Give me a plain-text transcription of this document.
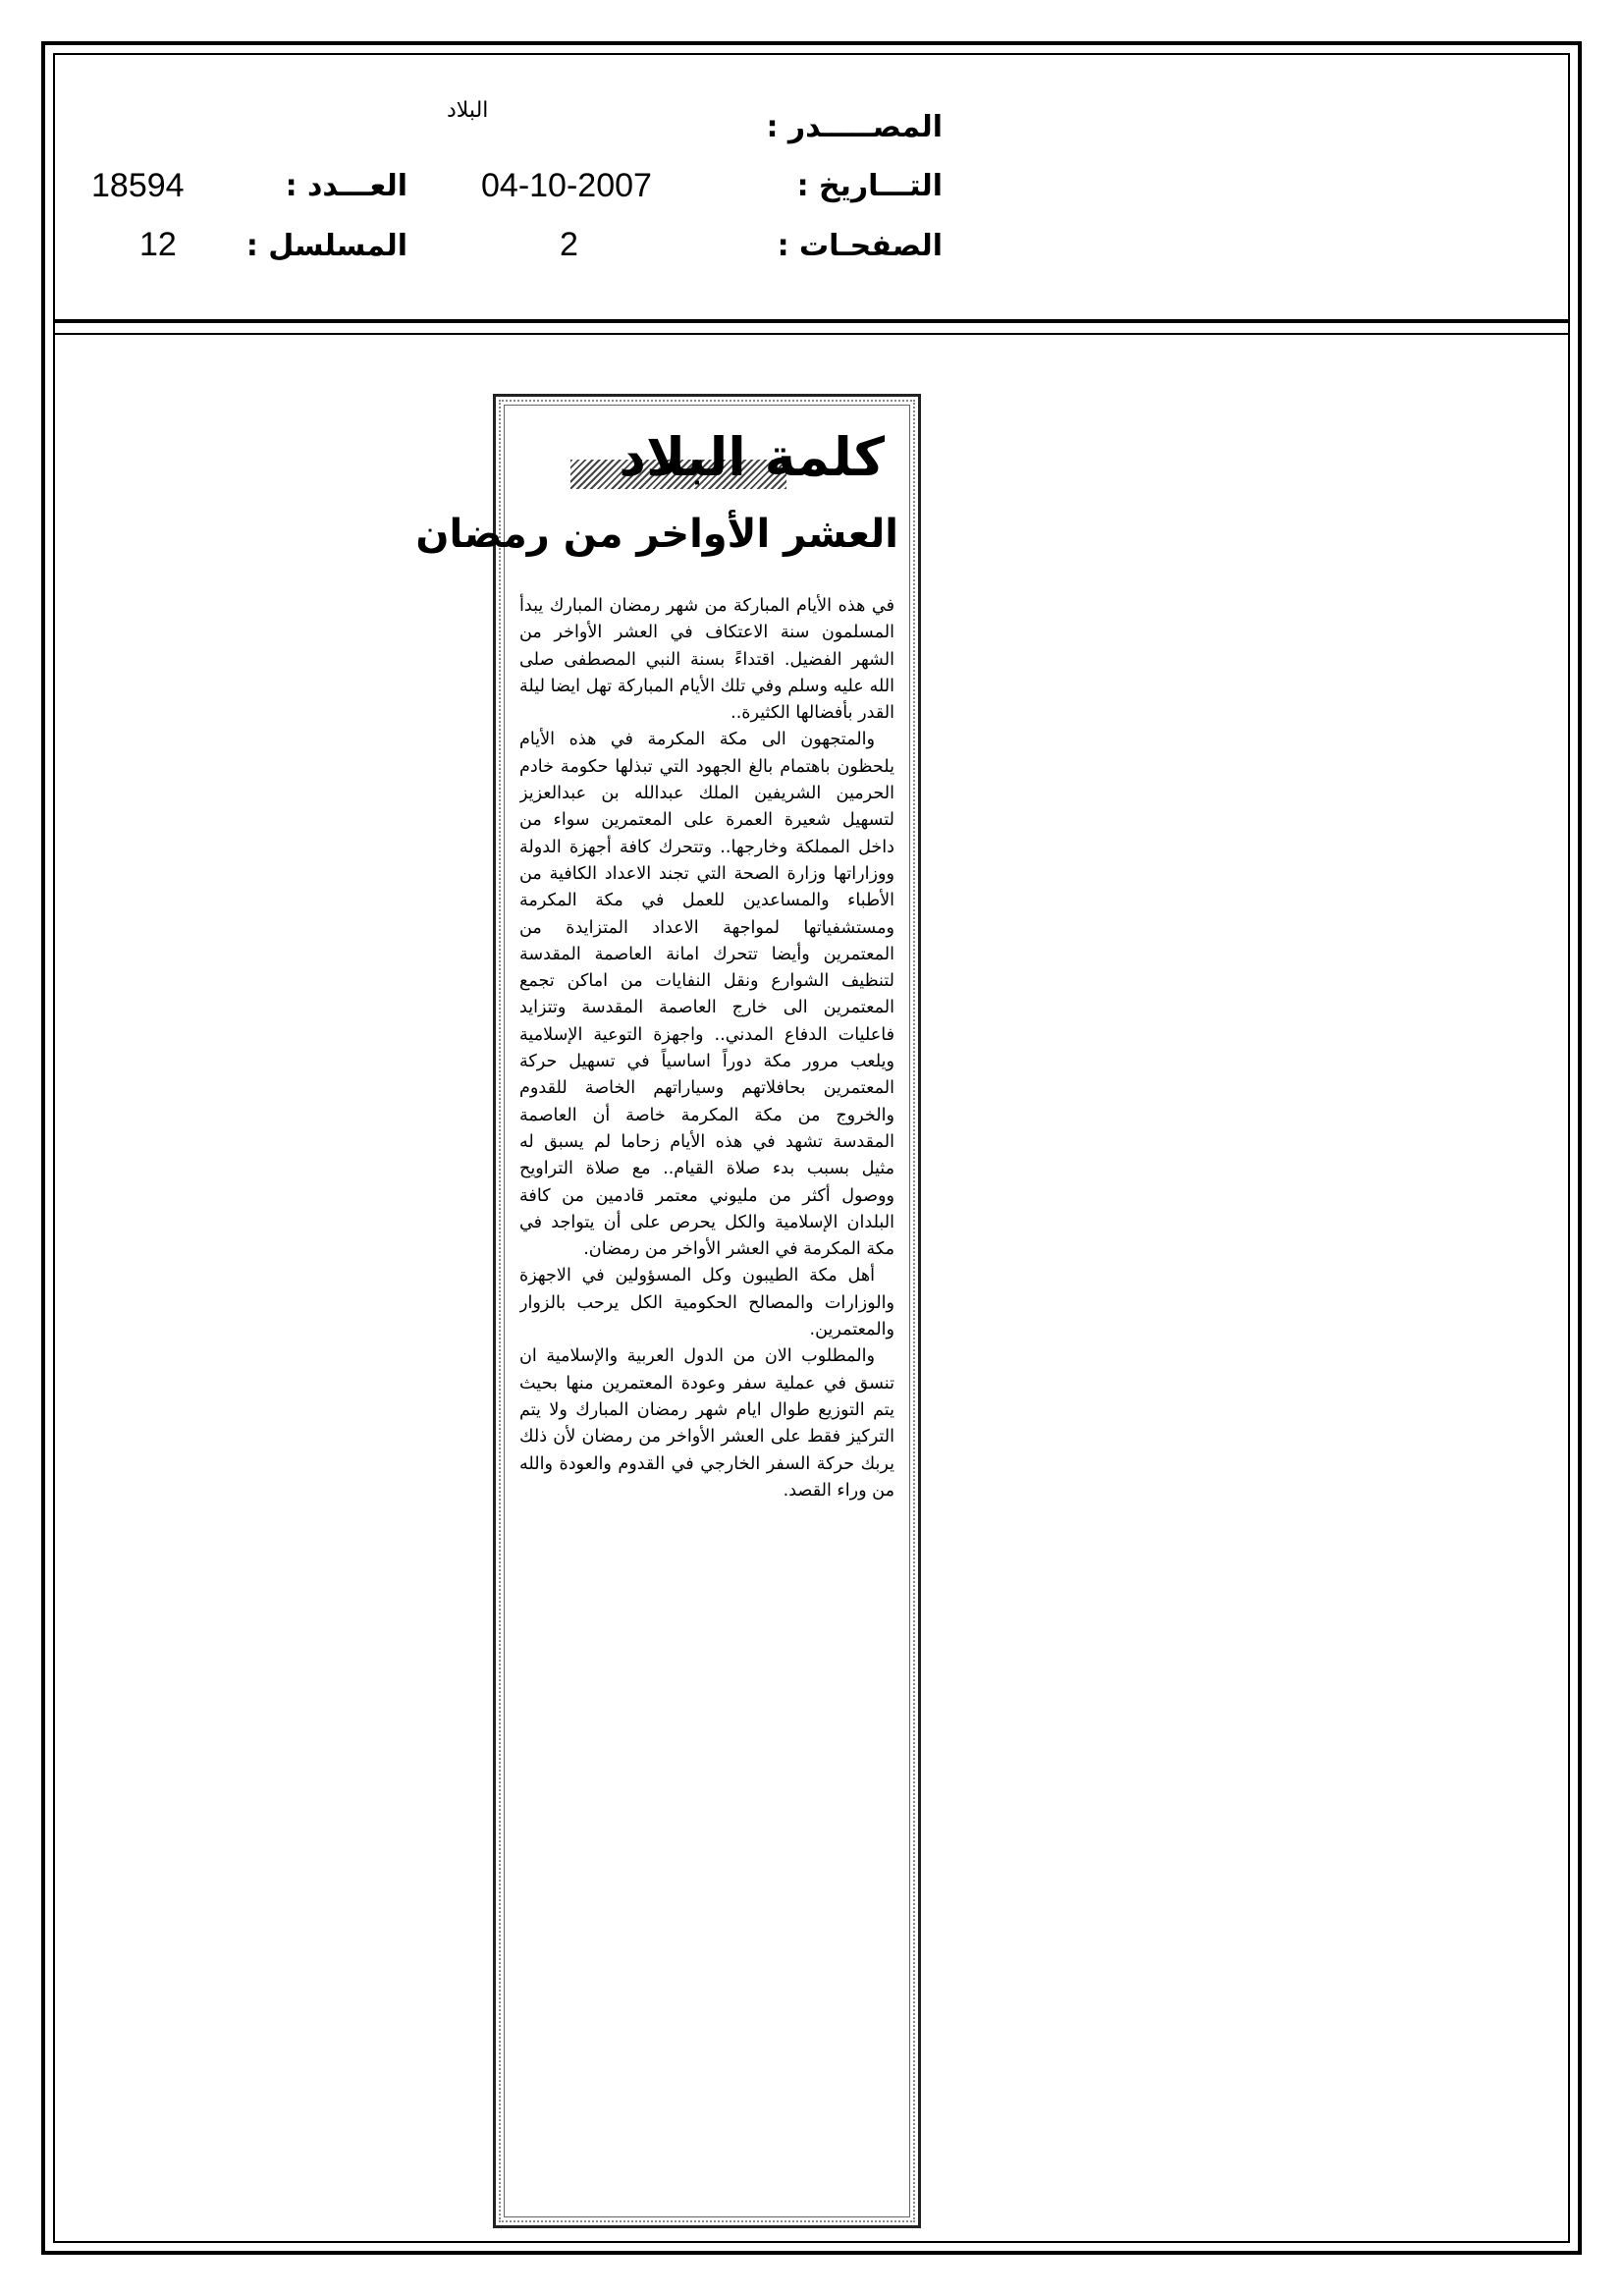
المصـــــدر :
البلاد
التـــاريخ :
04-10-2007
العـــدد :
18594
الصفحـات :
2
المسلسل :
12
كلمة البلاد
العشر الأواخر من رمضان

في هذه الأيام المباركة من شهر رمضان المبارك يبدأ المسلمون سنة الاعتكاف في العشر الأواخر من الشهر الفضيل. اقتداءً بسنة النبي المصطفى صلى الله عليه وسلم وفي تلك الأيام المباركة تهل ايضا ليلة القدر بأفضالها الكثيرة..

والمتجهون الى مكة المكرمة في هذه الأيام يلحظون باهتمام بالغ الجهود التي تبذلها حكومة خادم الحرمين الشريفين الملك عبدالله بن عبدالعزيز لتسهيل شعيرة العمرة على المعتمرين سواء من داخل المملكة وخارجها.. وتتحرك كافة أجهزة الدولة ووزاراتها وزارة الصحة التي تجند الاعداد الكافية من الأطباء والمساعدين للعمل في مكة المكرمة ومستشفياتها لمواجهة الاعداد المتزايدة من المعتمرين وأيضا تتحرك امانة العاصمة المقدسة لتنظيف الشوارع ونقل النفايات من اماكن تجمع المعتمرين الى خارج العاصمة المقدسة وتتزايد فاعليات الدفاع المدني.. واجهزة التوعية الإسلامية ويلعب مرور مكة دوراً اساسياً في تسهيل حركة المعتمرين بحافلاتهم وسياراتهم الخاصة للقدوم والخروج من مكة المكرمة خاصة أن العاصمة المقدسة تشهد في هذه الأيام زحاما لم يسبق له مثيل بسبب بدء صلاة القيام.. مع صلاة التراويح ووصول أكثر من مليوني معتمر قادمين من كافة البلدان الإسلامية والكل يحرص على أن يتواجد في مكة المكرمة في العشر الأواخر من رمضان.

أهل مكة الطيبون وكل المسؤولين في الاجهزة والوزارات والمصالح الحكومية الكل يرحب بالزوار والمعتمرين.

والمطلوب الان من الدول العربية والإسلامية ان تنسق في عملية سفر وعودة المعتمرين منها بحيث يتم التوزيع طوال ايام شهر رمضان المبارك ولا يتم التركيز فقط على العشر الأواخر من رمضان لأن ذلك يربك حركة السفر الخارجي في القدوم والعودة والله من وراء القصد.
